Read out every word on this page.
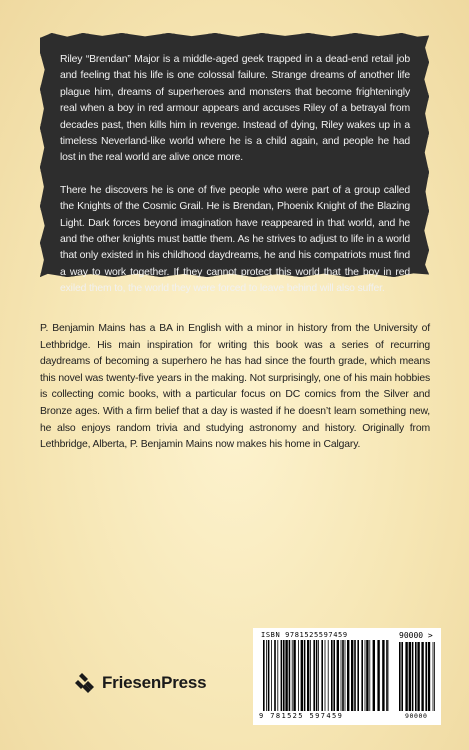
Riley “Brendan” Major is a middle-aged geek trapped in a dead-end retail job and feeling that his life is one colossal failure. Strange dreams of another life plague him, dreams of superheroes and monsters that become frighteningly real when a boy in red armour appears and accuses Riley of a betrayal from decades past, then kills him in revenge. Instead of dying, Riley wakes up in a timeless Neverland-like world where he is a child again, and people he had lost in the real world are alive once more.

There he discovers he is one of five people who were part of a group called the Knights of the Cosmic Grail. He is Brendan, Phoenix Knight of the Blazing Light. Dark forces beyond imagination have reappeared in that world, and he and the other knights must battle them. As he strives to adjust to life in a world that only existed in his childhood daydreams, he and his compatriots must find a way to work together. If they cannot protect this world that the boy in red exiled them to, the world they were forced to leave behind will also suffer.

P. Benjamin Mains has a BA in English with a minor in history from the University of Lethbridge. His main inspiration for writing this book was a series of recurring daydreams of becoming a superhero he has had since the fourth grade, which means this novel was twenty-five years in the making. Not surprisingly, one of his main hobbies is collecting comic books, with a particular focus on DC comics from the Silver and Bronze ages. With a firm belief that a day is wasted if he doesn’t learn something new, he also enjoys random trivia and studying astronomy and history. Originally from Lethbridge, Alberta, P. Benjamin Mains now makes his home in Calgary.

FriesenPress
ISBN 9781525597459	90000 >
9 781525 597459	90000
